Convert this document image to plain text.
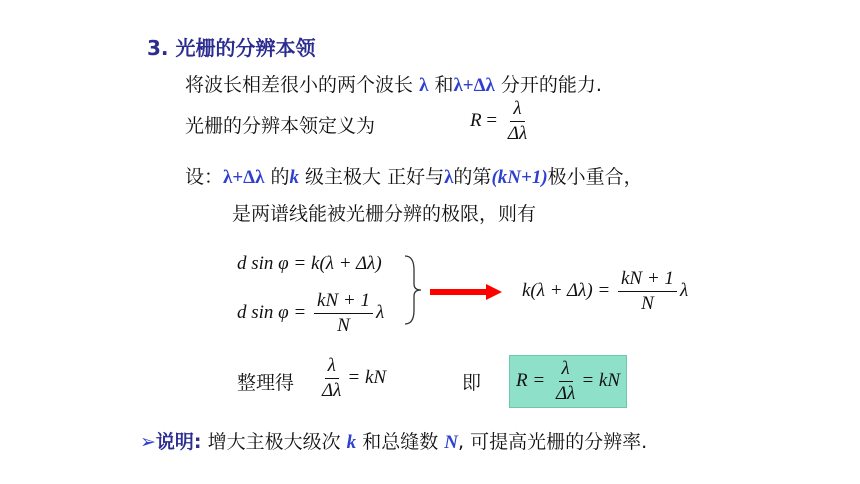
3. 光栅的分辨本领
将波长相差很小的两个波长 λ 和λ+Δλ 分开的能力.
光栅的分辨本领定义为	$R = \frac{\lambda}{\Delta\lambda}$
设：λ+Δλ 的k 级主极大 正好与λ的第(kN+1)极小重合，
是两谱线能被光栅分辨的极限，则有
d sin φ = k(λ + Δλ)
d $\sin \varphi = \frac{kN + 1}{N}$ λ
$k(\lambda + \Delta\lambda) = \frac{kN + 1}{N}$ λ
整理得 $\frac{\lambda}{\Delta\lambda}$ = kN	即	$R = \frac{\lambda}{\Delta\lambda}$ = kN
➢说明: 增大主极大级次 k 和总缝数 N, 可提高光栅的分辨率.
